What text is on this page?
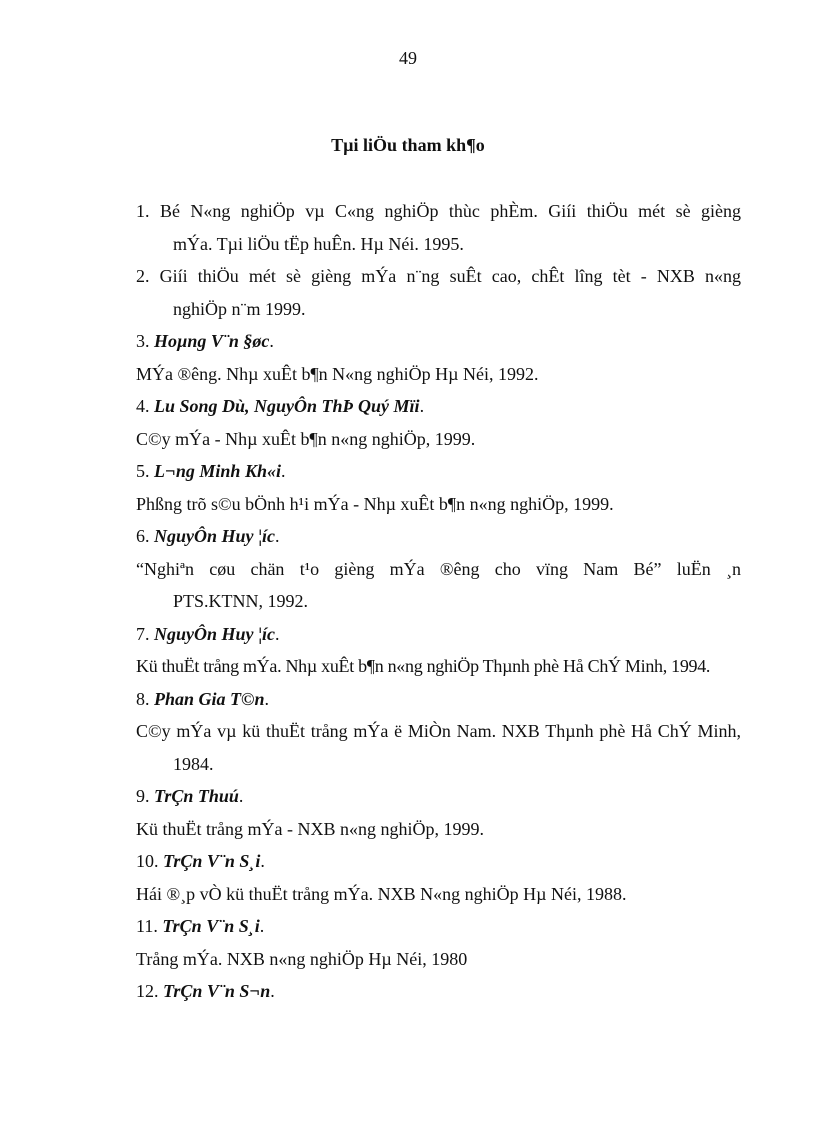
49
Tµi liÖu tham kh¶o
1. Bé N«ng nghiÖp vµ C«ng nghiÖp thùc phÈm. Giíi thiÖu mét sè gièng
mÝa. Tµi liÖu tËp huÊn. Hµ Néi. 1995.
2. Giíi thiÖu mét sè gièng mÝa n¨ng suÊt cao, chÊt lîng tèt - NXB n«ng
nghiÖp n¨m 1999.
3. Hoµng V¨n §øc.
MÝa ®êng. Nhµ xuÊt b¶n N«ng nghiÖp Hµ Néi, 1992.
4. Lu Song Dù, NguyÔn ThÞ Quý Mïi.
C©y mÝa - Nhµ xuÊt b¶n n«ng nghiÖp, 1999.
5. L¬ng Minh Kh«i.
Phßng trõ s©u bÖnh h¹i mÝa - Nhµ xuÊt b¶n n«ng nghiÖp, 1999.
6. NguyÔn Huy ¦íc.
“Nghiªn cøu chän t¹o gièng mÝa ®êng cho vïng Nam Bé” luËn ¸n
PTS.KTNN, 1992.
7. NguyÔn Huy ¦íc.
Kü thuËt trång mÝa. Nhµ xuÊt b¶n n«ng nghiÖp Thµnh phè Hå ChÝ Minh, 1994.
8. Phan Gia T©n.
C©y mÝa vµ kü thuËt trång mÝa ë MiÒn Nam. NXB Thµnh phè Hå ChÝ Minh,
1984.
9. TrÇn Thuú.
Kü thuËt trång mÝa - NXB n«ng nghiÖp, 1999.
10. TrÇn V¨n S¸i.
Hái ®¸p vÒ kü thuËt trång mÝa. NXB N«ng nghiÖp Hµ Néi, 1988.
11. TrÇn V¨n S¸i.
Trång mÝa. NXB n«ng nghiÖp Hµ Néi, 1980
12. TrÇn V¨n S¬n.
